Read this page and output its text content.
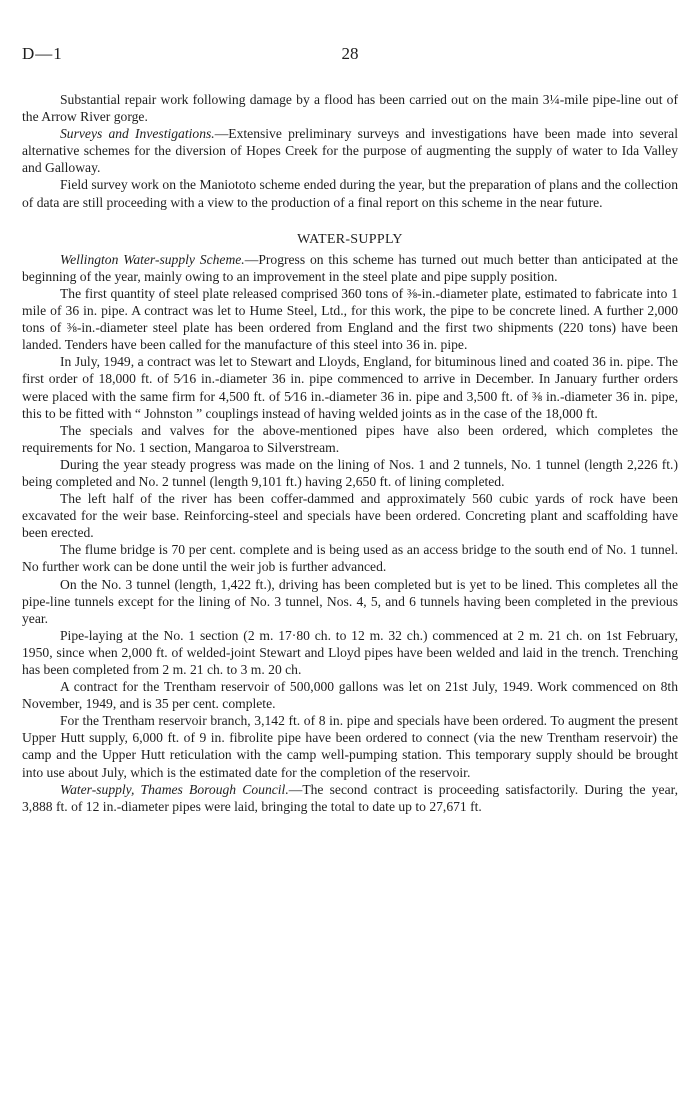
D—1	28

Substantial repair work following damage by a flood has been carried out on the main 3¼-mile pipe-line out of the Arrow River gorge.

Surveys and Investigations.—Extensive preliminary surveys and investigations have been made into several alternative schemes for the diversion of Hopes Creek for the purpose of augmenting the supply of water to Ida Valley and Galloway.

Field survey work on the Maniototo scheme ended during the year, but the preparation of plans and the collection of data are still proceeding with a view to the production of a final report on this scheme in the near future.

WATER-SUPPLY

Wellington Water-supply Scheme.—Progress on this scheme has turned out much better than anticipated at the beginning of the year, mainly owing to an improvement in the steel plate and pipe supply position.

The first quantity of steel plate released comprised 360 tons of ⅜-in.-diameter plate, estimated to fabricate into 1 mile of 36 in. pipe. A contract was let to Hume Steel, Ltd., for this work, the pipe to be concrete lined. A further 2,000 tons of ⅜-in.-diameter steel plate has been ordered from England and the first two shipments (220 tons) have been landed. Tenders have been called for the manufacture of this steel into 36 in. pipe.

In July, 1949, a contract was let to Stewart and Lloyds, England, for bituminous lined and coated 36 in. pipe. The first order of 18,000 ft. of 5⁄16 in.-diameter 36 in. pipe commenced to arrive in December. In January further orders were placed with the same firm for 4,500 ft. of 5⁄16 in.-diameter 36 in. pipe and 3,500 ft. of ⅜ in.-diameter 36 in. pipe, this to be fitted with “ Johnston ” couplings instead of having welded joints as in the case of the 18,000 ft.

The specials and valves for the above-mentioned pipes have also been ordered, which completes the requirements for No. 1 section, Mangaroa to Silverstream.

During the year steady progress was made on the lining of Nos. 1 and 2 tunnels, No. 1 tunnel (length 2,226 ft.) being completed and No. 2 tunnel (length 9,101 ft.) having 2,650 ft. of lining completed.

The left half of the river has been coffer-dammed and approximately 560 cubic yards of rock have been excavated for the weir base. Reinforcing-steel and specials have been ordered. Concreting plant and scaffolding have been erected.

The flume bridge is 70 per cent. complete and is being used as an access bridge to the south end of No. 1 tunnel. No further work can be done until the weir job is further advanced.

On the No. 3 tunnel (length, 1,422 ft.), driving has been completed but is yet to be lined. This completes all the pipe-line tunnels except for the lining of No. 3 tunnel, Nos. 4, 5, and 6 tunnels having been completed in the previous year.

Pipe-laying at the No. 1 section (2 m. 17·80 ch. to 12 m. 32 ch.) commenced at 2 m. 21 ch. on 1st February, 1950, since when 2,000 ft. of welded-joint Stewart and Lloyd pipes have been welded and laid in the trench. Trenching has been completed from 2 m. 21 ch. to 3 m. 20 ch.

A contract for the Trentham reservoir of 500,000 gallons was let on 21st July, 1949. Work commenced on 8th November, 1949, and is 35 per cent. complete.

For the Trentham reservoir branch, 3,142 ft. of 8 in. pipe and specials have been ordered. To augment the present Upper Hutt supply, 6,000 ft. of 9 in. fibrolite pipe have been ordered to connect (via the new Trentham reservoir) the camp and the Upper Hutt reticulation with the camp well-pumping station. This temporary supply should be brought into use about July, which is the estimated date for the completion of the reservoir.

Water-supply, Thames Borough Council.—The second contract is proceeding satisfactorily. During the year, 3,888 ft. of 12 in.-diameter pipes were laid, bringing the total to date up to 27,671 ft.
